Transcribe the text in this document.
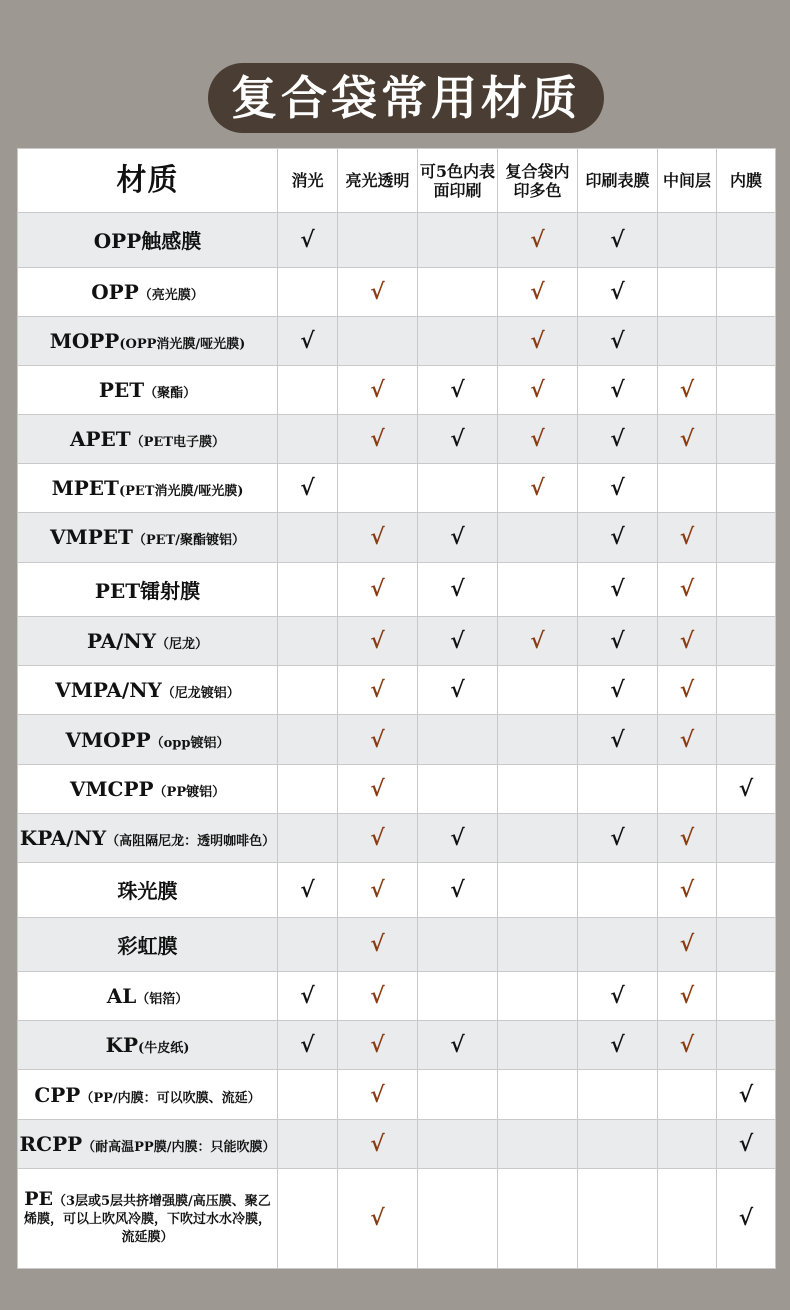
复合袋常用材质
材质	消光	亮光透明	可5色内表面印刷	复合袋内印多色	印刷表膜	中间层	内膜
OPP触感膜	√			√	√		
OPP（亮光膜）		√		√	√		
MOPP(OPP消光膜/哑光膜)	√			√	√		
PET（聚酯）		√	√	√	√	√	
APET（PET电子膜）		√	√	√	√	√	
MPET(PET消光膜/哑光膜)	√			√	√		
VMPET（PET/聚酯镀铝）		√	√		√	√	
PET镭射膜		√	√		√	√	
PA/NY（尼龙）		√	√	√	√	√	
VMPA/NY（尼龙镀铝）		√	√		√	√	
VMOPP（opp镀铝）		√			√	√	
VMCPP（PP镀铝）		√					√
KPA/NY（高阻隔尼龙：透明咖啡色）		√	√		√	√	
珠光膜	√	√	√			√	
彩虹膜		√				√	
AL（铝箔）	√	√			√	√	
KP(牛皮纸)	√	√	√		√	√	
CPP（PP/内膜：可以吹膜、流延）		√					√
RCPP（耐高温PP膜/内膜：只能吹膜）		√					√
PE（3层或5层共挤增强膜/高压膜、聚乙烯膜，可以上吹风冷膜，下吹过水水冷膜，流延膜）		√					√
